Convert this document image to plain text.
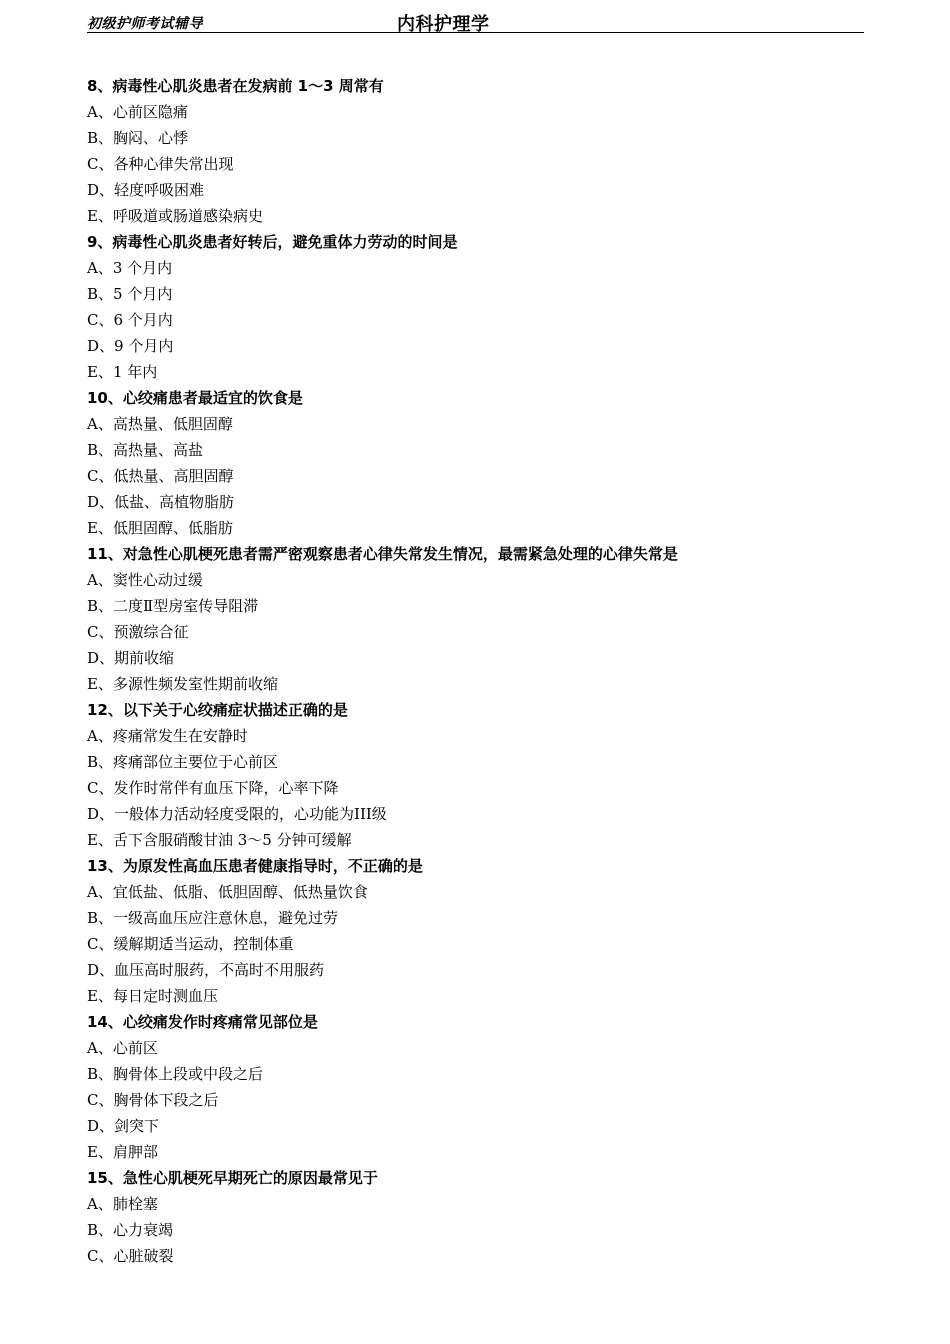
初级护师考试辅导	内科护理学
8、病毒性心肌炎患者在发病前 1～3 周常有
A、心前区隐痛
B、胸闷、心悸
C、各种心律失常出现
D、轻度呼吸困难
E、呼吸道或肠道感染病史
9、病毒性心肌炎患者好转后，避免重体力劳动的时间是
A、3 个月内
B、5 个月内
C、6 个月内
D、9 个月内
E、1 年内
10、心绞痛患者最适宜的饮食是
A、高热量、低胆固醇
B、高热量、高盐
C、低热量、高胆固醇
D、低盐、高植物脂肪
E、低胆固醇、低脂肪
11、对急性心肌梗死患者需严密观察患者心律失常发生情况，最需紧急处理的心律失常是
A、窦性心动过缓
B、二度Ⅱ型房室传导阻滞
C、预激综合征
D、期前收缩
E、多源性频发室性期前收缩
12、以下关于心绞痛症状描述正确的是
A、疼痛常发生在安静时
B、疼痛部位主要位于心前区
C、发作时常伴有血压下降，心率下降
D、一般体力活动轻度受限的，心功能为III级
E、舌下含服硝酸甘油 3～5 分钟可缓解
13、为原发性高血压患者健康指导时，不正确的是
A、宜低盐、低脂、低胆固醇、低热量饮食
B、一级高血压应注意休息，避免过劳
C、缓解期适当运动，控制体重
D、血压高时服药，不高时不用服药
E、每日定时测血压
14、心绞痛发作时疼痛常见部位是
A、心前区
B、胸骨体上段或中段之后
C、胸骨体下段之后
D、剑突下
E、肩胛部
15、急性心肌梗死早期死亡的原因最常见于
A、肺栓塞
B、心力衰竭
C、心脏破裂
